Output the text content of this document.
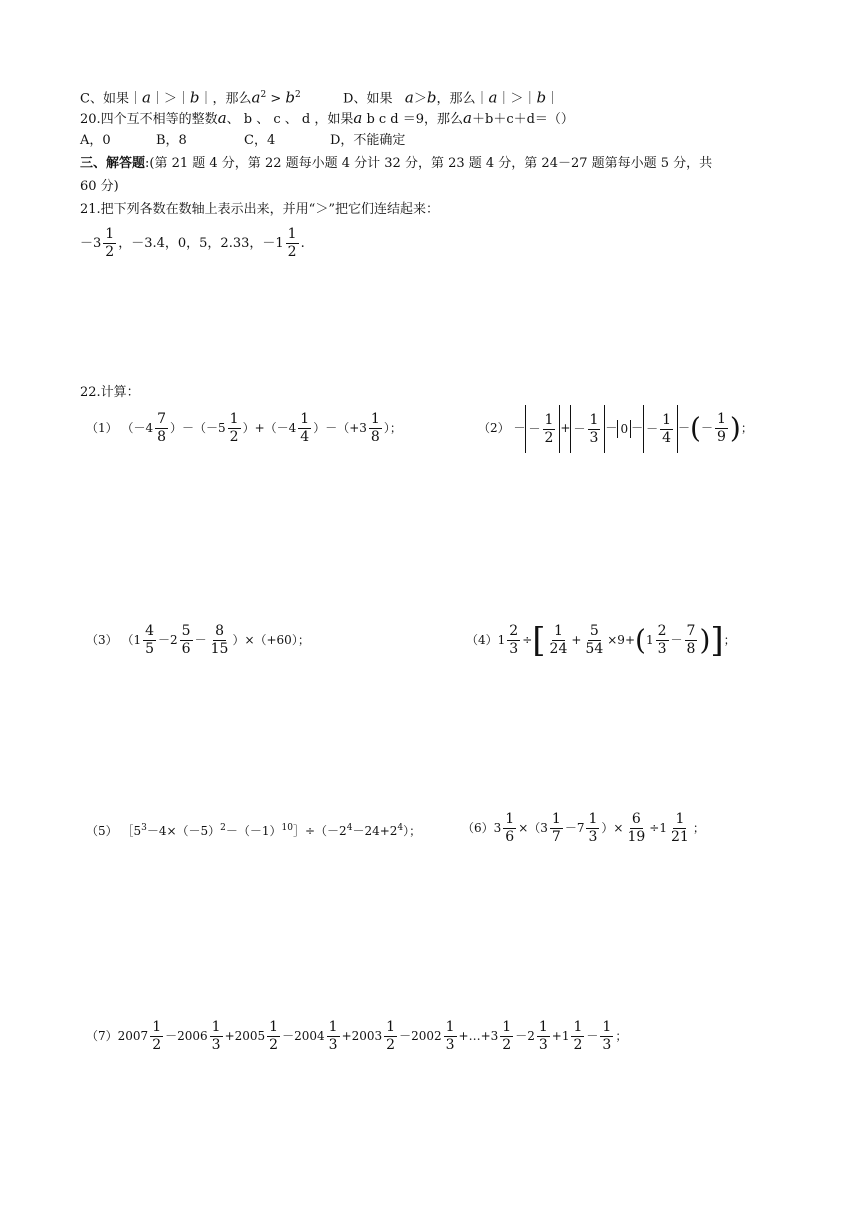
C、如果｜a｜＞｜b｜，那么$a^2 > b^2$	D、如果 a＞b，那么｜a｜＞｜b｜
20.四个互不相等的整数a、 b 、 c 、 d ，如果a b c d ＝9，那么a＋b＋c＋d＝（）
A，0	B，8	C，4	D，不能确定
三、解答题:(第 21 题 4 分，第 22 题每小题 4 分计 32 分，第 23 题 4 分，第 24－27 题第每小题 5 分，共
60 分)
21.把下列各数在数轴上表示出来，并用“＞”把它们连结起来：
$-3 \frac{1}{2}$ ，－3.4，0，5，2.33，$-1 \frac{1}{2}$ .
22.计算：
（1） $(-4 \frac{7}{8} )-(-5 \frac{1}{2} )+(-4 \frac{1}{4} )-(+3 \frac{1}{8}$ ）；	（2） － － $\frac{1}{2}$ + － $\frac{1}{3} - 0$ － － $\frac{1}{4}$ －(－ $\frac{1}{9}$ )；
（3） $(1 \frac{4}{5} -2 \frac{5}{6} - \frac{8}{15} )\times(+60)$；	$(4)1 \frac{2}{3}$ ÷[ $\frac{1}{24} + \frac{5}{54} \times 9+(1 \frac{2}{3} - \frac{7}{8}$ )]；
（5） $[5^3-4\times(-5)^2-(-1)^{10}]\div(-2^4-24+2^4)$；	$(6)3 \frac{1}{6} \times(3 \frac{1}{7} -7 \frac{1}{3}$ ）× $\frac{6}{19} \div 1 \frac{1}{21}$ ；
$(7)2007 \frac{1}{2} -2006 \frac{1}{3} +2005 \frac{1}{2} -2004 \frac{1}{3} +2003 \frac{1}{2} -2002 \frac{1}{3}$ +…+3 $\frac{1}{2} -2 \frac{1}{3} +1 \frac{1}{2} - \frac{1}{3}$ ；
